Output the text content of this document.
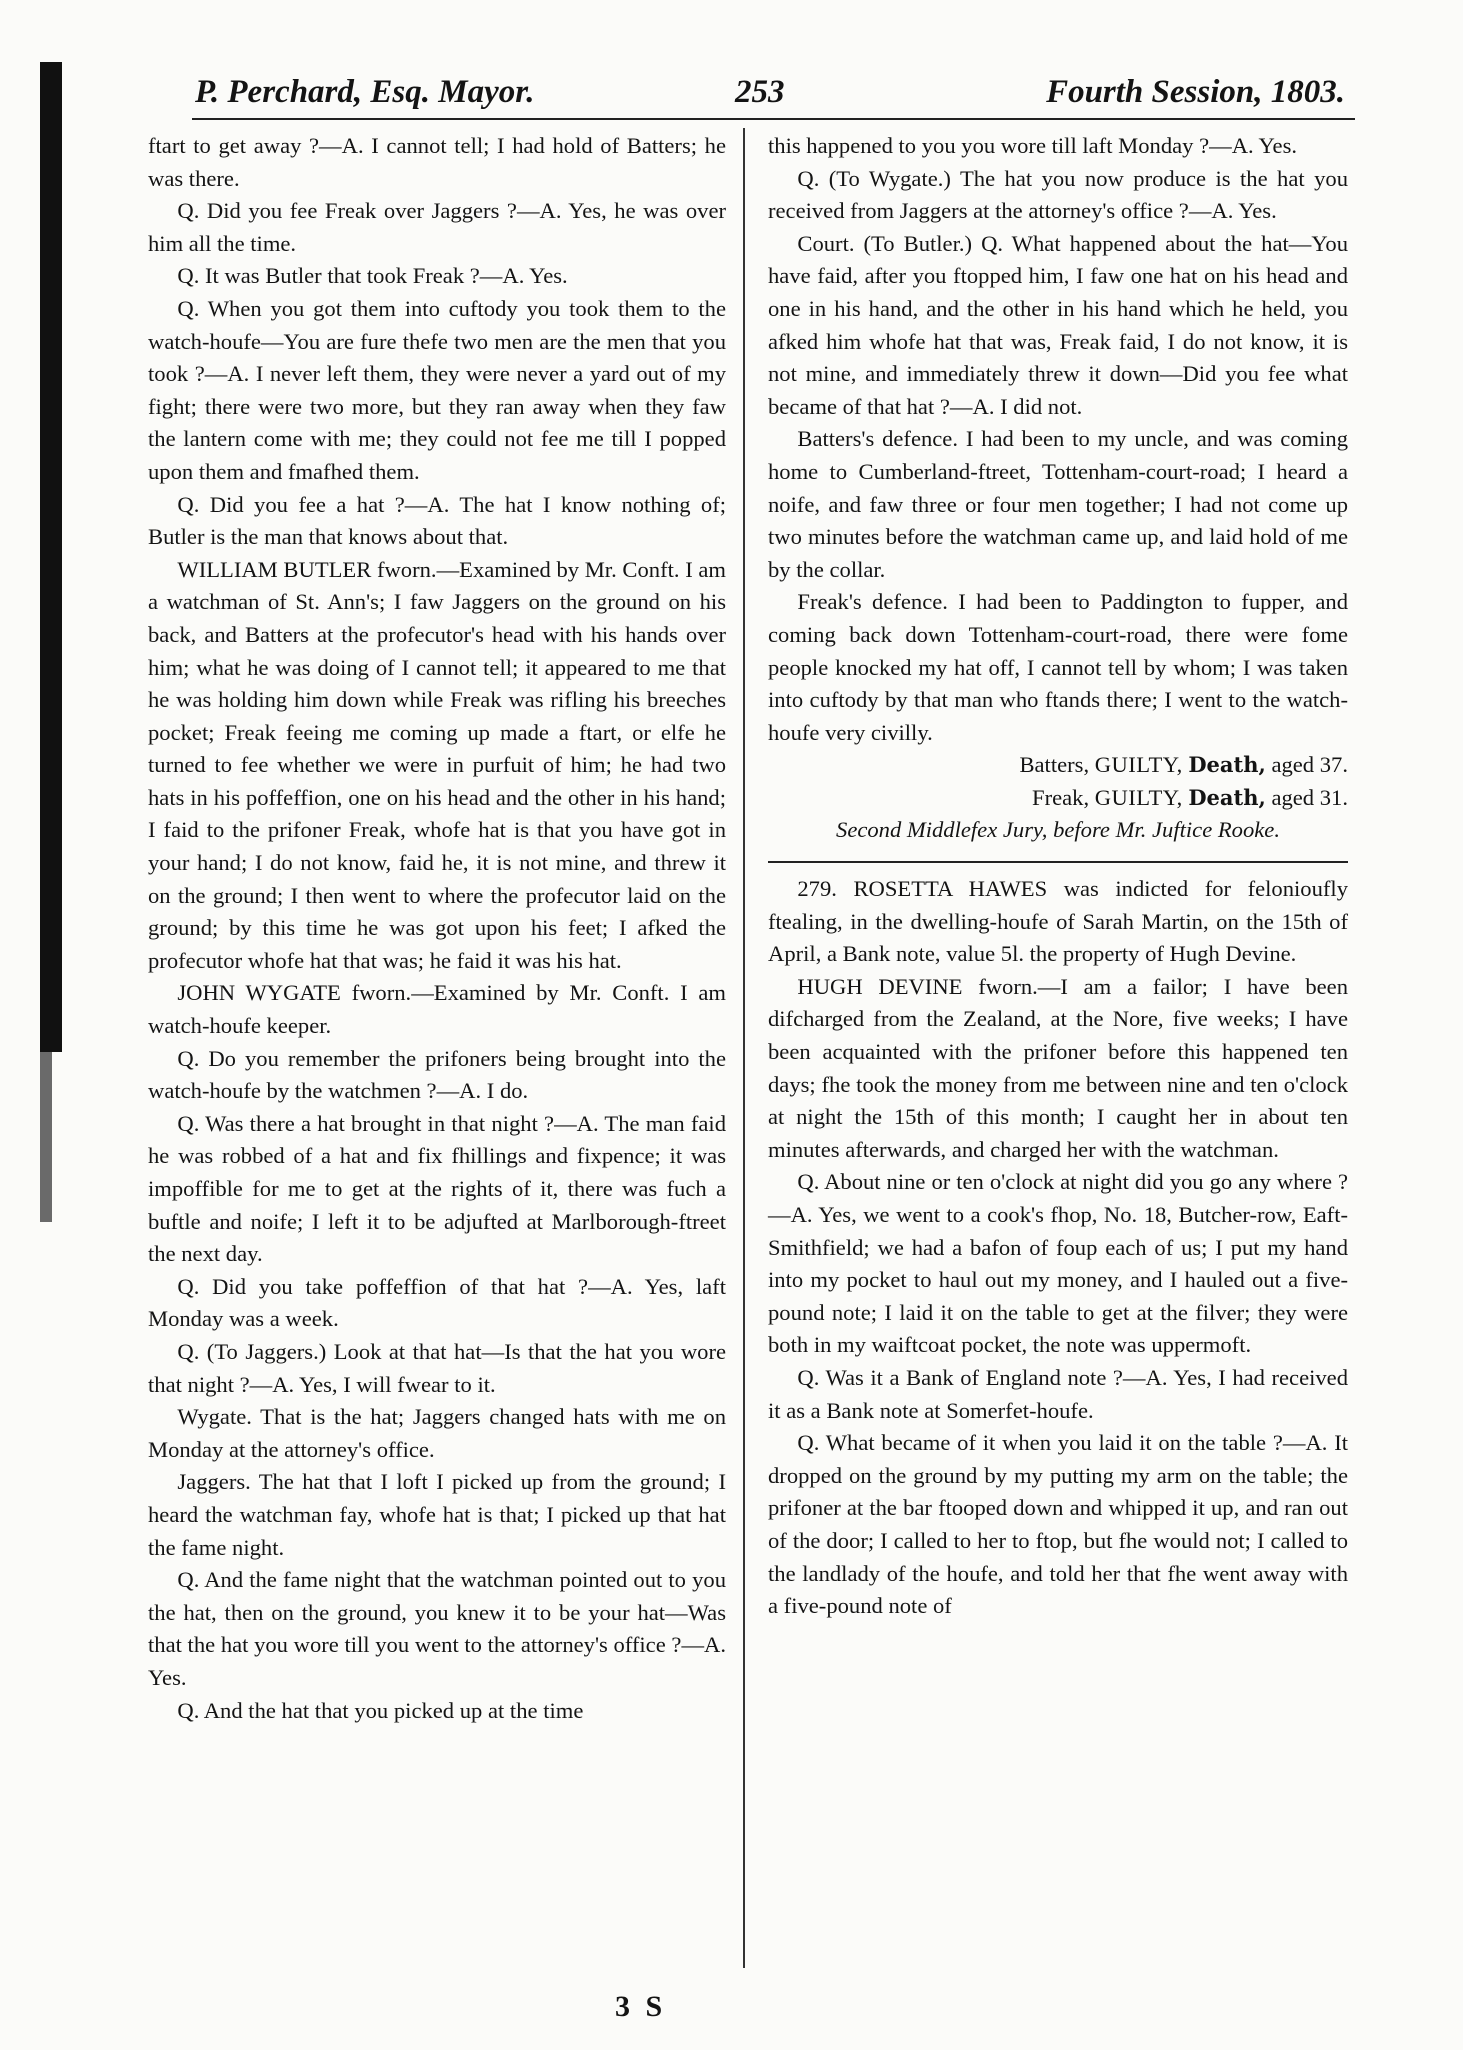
P. Perchard, Esq. Mayor.	253	Fourth Session, 1803.

ftart to get away ?—A. I cannot tell; I had hold of Batters; he was there.

Q. Did you fee Freak over Jaggers ?—A. Yes, he was over him all the time.

Q. It was Butler that took Freak ?—A. Yes.

Q. When you got them into cuftody you took them to the watch-houfe—You are fure thefe two men are the men that you took ?—A. I never left them, they were never a yard out of my fight; there were two more, but they ran away when they faw the lantern come with me; they could not fee me till I popped upon them and fmafhed them.

Q. Did you fee a hat ?—A. The hat I know nothing of; Butler is the man that knows about that.

WILLIAM BUTLER fworn.—Examined by Mr. Conft. I am a watchman of St. Ann's; I faw Jaggers on the ground on his back, and Batters at the profecutor's head with his hands over him; what he was doing of I cannot tell; it appeared to me that he was holding him down while Freak was rifling his breeches pocket; Freak feeing me coming up made a ftart, or elfe he turned to fee whether we were in purfuit of him; he had two hats in his poffeffion, one on his head and the other in his hand; I faid to the prifoner Freak, whofe hat is that you have got in your hand; I do not know, faid he, it is not mine, and threw it on the ground; I then went to where the profecutor laid on the ground; by this time he was got upon his feet; I afked the profecutor whofe hat that was; he faid it was his hat.

JOHN WYGATE fworn.—Examined by Mr. Conft. I am watch-houfe keeper.

Q. Do you remember the prifoners being brought into the watch-houfe by the watchmen ?—A. I do.

Q. Was there a hat brought in that night ?—A. The man faid he was robbed of a hat and fix fhillings and fixpence; it was impoffible for me to get at the rights of it, there was fuch a buftle and noife; I left it to be adjufted at Marlborough-ftreet the next day.

Q. Did you take poffeffion of that hat ?—A. Yes, laft Monday was a week.

Q. (To Jaggers.) Look at that hat—Is that the hat you wore that night ?—A. Yes, I will fwear to it.

Wygate. That is the hat; Jaggers changed hats with me on Monday at the attorney's office.

Jaggers. The hat that I loft I picked up from the ground; I heard the watchman fay, whofe hat is that; I picked up that hat the fame night.

Q. And the fame night that the watchman pointed out to you the hat, then on the ground, you knew it to be your hat—Was that the hat you wore till you went to the attorney's office ?—A. Yes.

Q. And the hat that you picked up at the time

this happened to you you wore till laft Monday ?—A. Yes.

Q. (To Wygate.) The hat you now produce is the hat you received from Jaggers at the attorney's office ?—A. Yes.

Court. (To Butler.) Q. What happened about the hat—You have faid, after you ftopped him, I faw one hat on his head and one in his hand, and the other in his hand which he held, you afked him whofe hat that was, Freak faid, I do not know, it is not mine, and immediately threw it down—Did you fee what became of that hat ?—A. I did not.

Batters's defence. I had been to my uncle, and was coming home to Cumberland-ftreet, Tottenham-court-road; I heard a noife, and faw three or four men together; I had not come up two minutes before the watchman came up, and laid hold of me by the collar.

Freak's defence. I had been to Paddington to fupper, and coming back down Tottenham-court-road, there were fome people knocked my hat off, I cannot tell by whom; I was taken into cuftody by that man who ftands there; I went to the watch-houfe very civilly.

Batters, GUILTY, Death, aged 37.

Freak, GUILTY, Death, aged 31.

Second Middlefex Jury, before Mr. Juftice Rooke.

279. ROSETTA HAWES was indicted for felonioufly ftealing, in the dwelling-houfe of Sarah Martin, on the 15th of April, a Bank note, value 5l. the property of Hugh Devine.

HUGH DEVINE fworn.—I am a failor; I have been difcharged from the Zealand, at the Nore, five weeks; I have been acquainted with the prifoner before this happened ten days; fhe took the money from me between nine and ten o'clock at night the 15th of this month; I caught her in about ten minutes afterwards, and charged her with the watchman.

Q. About nine or ten o'clock at night did you go any where ?—A. Yes, we went to a cook's fhop, No. 18, Butcher-row, Eaft-Smithfield; we had a bafon of foup each of us; I put my hand into my pocket to haul out my money, and I hauled out a five-pound note; I laid it on the table to get at the filver; they were both in my waiftcoat pocket, the note was uppermoft.

Q. Was it a Bank of England note ?—A. Yes, I had received it as a Bank note at Somerfet-houfe.

Q. What became of it when you laid it on the table ?—A. It dropped on the ground by my putting my arm on the table; the prifoner at the bar ftooped down and whipped it up, and ran out of the door; I called to her to ftop, but fhe would not; I called to the landlady of the houfe, and told her that fhe went away with a five-pound note of

3 S
